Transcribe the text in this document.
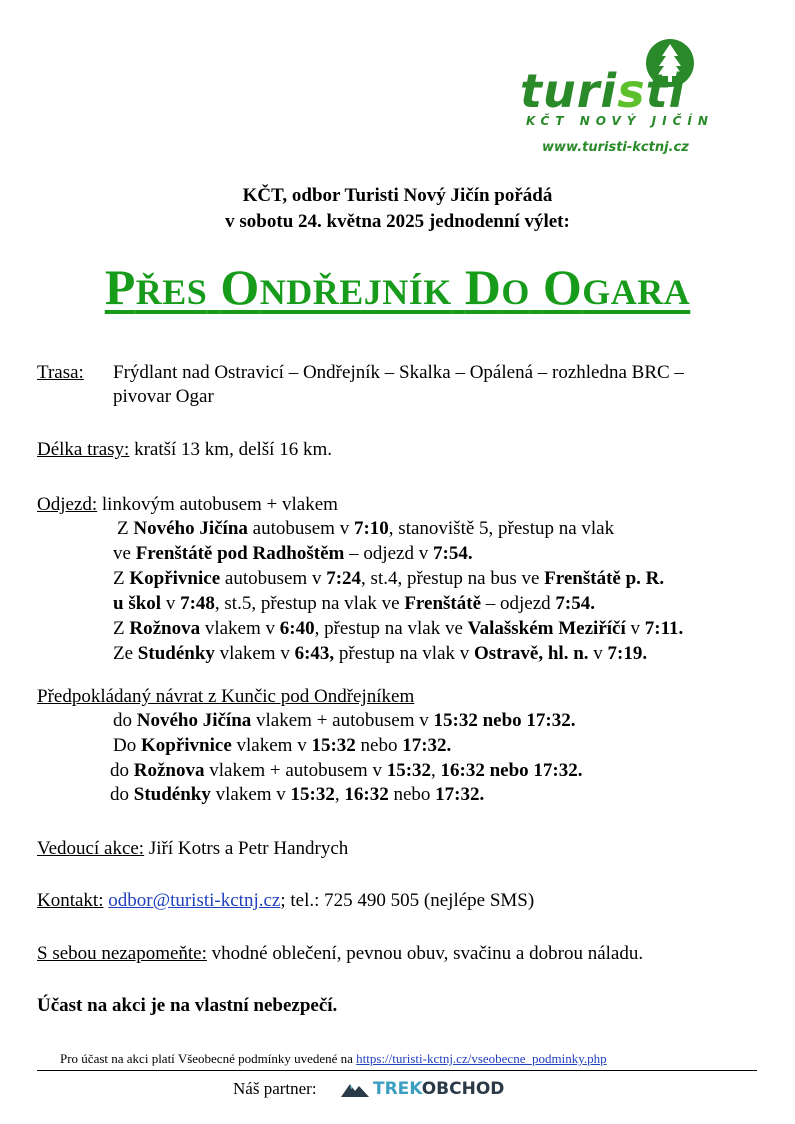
turisti
KČT NOVÝ JIČÍN
www.turisti-kctnj.cz
KČT, odbor Turisti Nový Jičín pořádá
v sobotu 24. května 2025 jednodenní výlet:
PŘES ONDŘEJNÍK DO OGARA
Trasa: Frýdlant nad Ostravicí – Ondřejník – Skalka – Opálená – rozhledna BRC –
pivovar Ogar
Délka trasy: kratší 13 km, delší 16 km.
Odjezd: linkovým autobusem + vlakem
Z Nového Jičína autobusem v 7:10, stanoviště 5, přestup na vlak
ve Frenštátě pod Radhoštěm – odjezd v 7:54.
Z Kopřivnice autobusem v 7:24, st.4, přestup na bus ve Frenštátě p. R.
u škol v 7:48, st.5, přestup na vlak ve Frenštátě – odjezd 7:54.
Z Rožnova vlakem v 6:40, přestup na vlak ve Valašském Meziříčí v 7:11.
Ze Studénky vlakem v 6:43, přestup na vlak v Ostravě, hl. n. v 7:19.
Předpokládaný návrat z Kunčic pod Ondřejníkem
do Nového Jičína vlakem + autobusem v 15:32 nebo 17:32.
Do Kopřivnice vlakem v 15:32 nebo 17:32.
do Rožnova vlakem + autobusem v 15:32, 16:32 nebo 17:32.
do Studénky vlakem v 15:32, 16:32 nebo 17:32.
Vedoucí akce: Jiří Kotrs a Petr Handrych
Kontakt: odbor@turisti-kctnj.cz; tel.: 725 490 505 (nejlépe SMS)
S sebou nezapomeňte: vhodné oblečení, pevnou obuv, svačinu a dobrou náladu.
Účast na akci je na vlastní nebezpečí.
Pro účast na akci platí Všeobecné podmínky uvedené na https://turisti-kctnj.cz/vseobecne_podminky.php
Náš partner:	TREKOBCHOD
